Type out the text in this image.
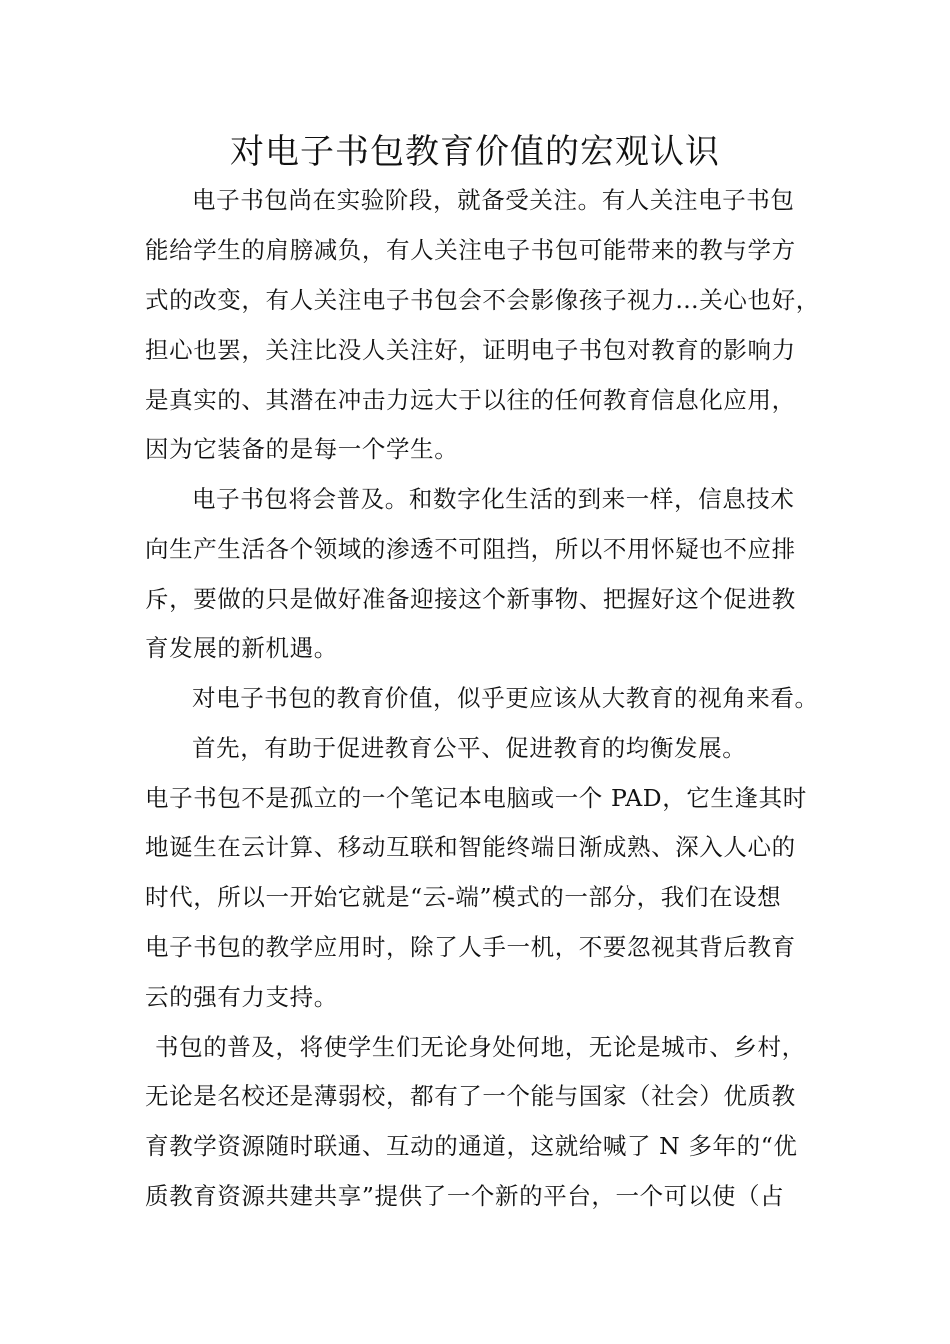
对电子书包教育价值的宏观认识
电子书包尚在实验阶段，就备受关注。有人关注电子书包
能给学生的肩膀减负，有人关注电子书包可能带来的教与学方
式的改变，有人关注电子书包会不会影像孩子视力…关心也好，
担心也罢，关注比没人关注好，证明电子书包对教育的影响力
是真实的、其潜在冲击力远大于以往的任何教育信息化应用，
因为它装备的是每一个学生。
电子书包将会普及。和数字化生活的到来一样，信息技术
向生产生活各个领域的渗透不可阻挡，所以不用怀疑也不应排
斥，要做的只是做好准备迎接这个新事物、把握好这个促进教
育发展的新机遇。
对电子书包的教育价值，似乎更应该从大教育的视角来看。
首先，有助于促进教育公平、促进教育的均衡发展。
电子书包不是孤立的一个笔记本电脑或一个 PAD，它生逢其时
地诞生在云计算、移动互联和智能终端日渐成熟、深入人心的
时代，所以一开始它就是“云-端”模式的一部分，我们在设想
电子书包的教学应用时，除了人手一机，不要忽视其背后教育
云的强有力支持。
书包的普及，将使学生们无论身处何地，无论是城市、乡村，
无论是名校还是薄弱校，都有了一个能与国家（社会）优质教
育教学资源随时联通、互动的通道，这就给喊了 N 多年的“优
质教育资源共建共享”提供了一个新的平台，一个可以使（占
